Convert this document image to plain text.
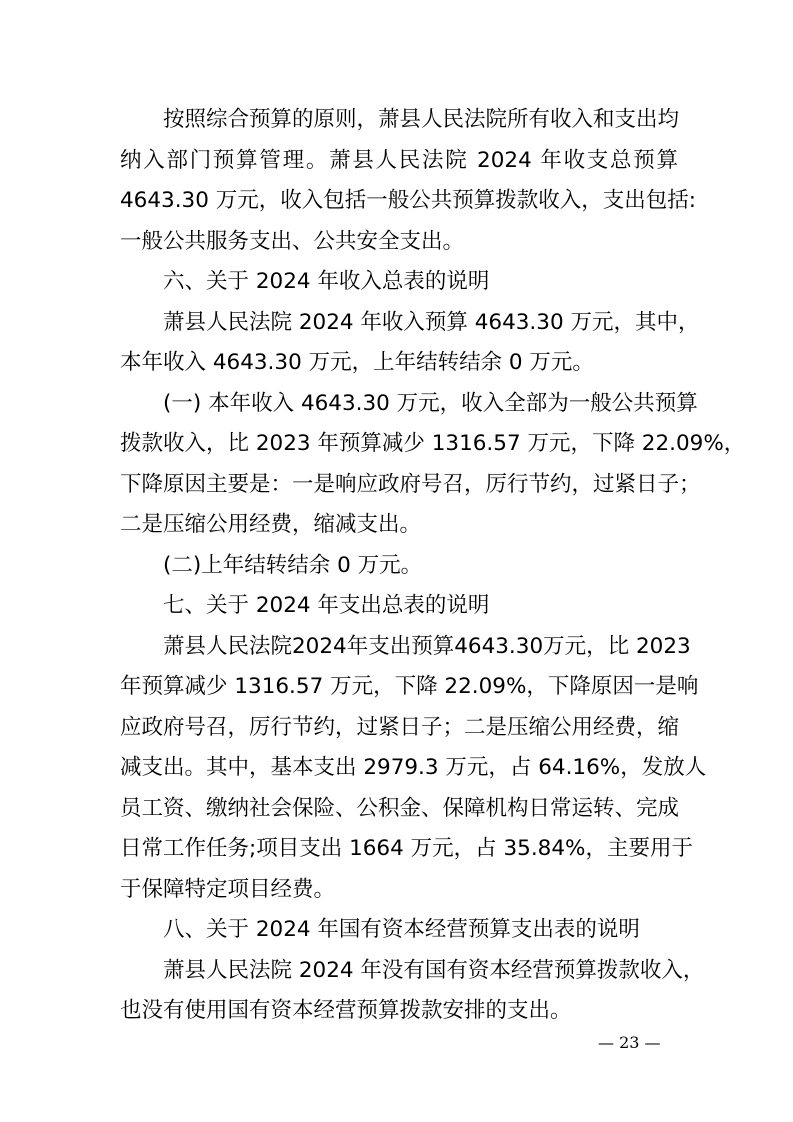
按照综合预算的原则，萧县人民法院所有收入和支出均
纳入部门预算管理。萧县人民法院 2024 年收支总预算
4643.30 万元，收入包括一般公共预算拨款收入，支出包括:
一般公共服务支出、公共安全支出。
六、关于 2024 年收入总表的说明
萧县人民法院 2024 年收入预算 4643.30 万元，其中，
本年收入 4643.30 万元，上年结转结余 0 万元。
(一) 本年收入 4643.30 万元，收入全部为一般公共预算
拨款收入，比 2023 年预算减少 1316.57 万元，下降 22.09%，
下降原因主要是：一是响应政府号召，厉行节约，过紧日子；
二是压缩公用经费，缩减支出。
(二)上年结转结余 0 万元。
七、关于 2024 年支出总表的说明
萧县人民法院2024年支出预算4643.30万元，比 2023
年预算减少 1316.57 万元，下降 22.09%，下降原因一是响
应政府号召，厉行节约，过紧日子；二是压缩公用经费，缩
减支出。其中，基本支出 2979.3 万元，占 64.16%，发放人
员工资、缴纳社会保险、公积金、保障机构日常运转、完成
日常工作任务;项目支出 1664 万元，占 35.84%，主要用于
于保障特定项目经费。
八、关于 2024 年国有资本经营预算支出表的说明
萧县人民法院 2024 年没有国有资本经营预算拨款收入，
也没有使用国有资本经营预算拨款安排的支出。
— 23 —
